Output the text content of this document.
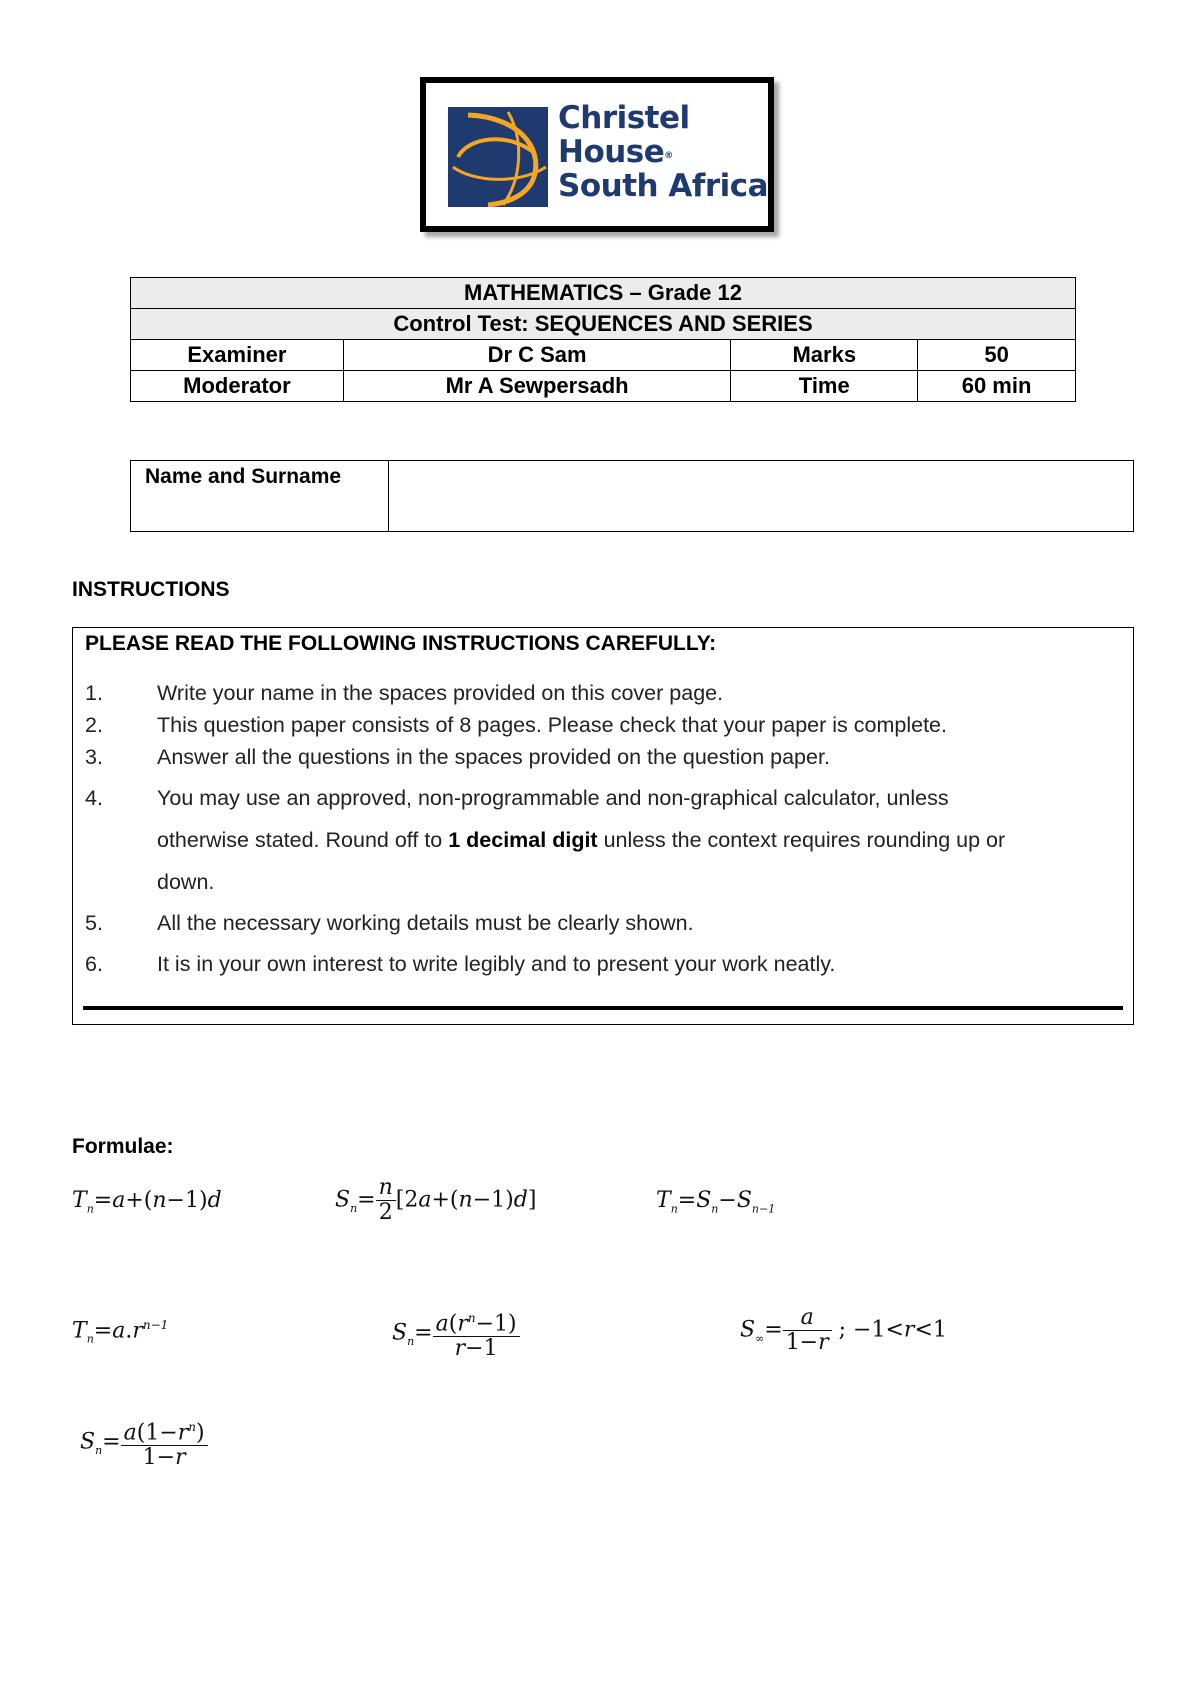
Christel
House®
South Africa
MATHEMATICS – Grade 12			
Control Test: SEQUENCES AND SERIES			
Examiner	Dr C Sam	Marks	50
Moderator	Mr A Sewpersadh	Time	60 min
Name and Surname	
INSTRUCTIONS
PLEASE READ THE FOLLOWING INSTRUCTIONS CAREFULLY:
1.	Write your name in the spaces provided on this cover page.
2.	This question paper consists of 8 pages. Please check that your paper is complete.
3.	Answer all the questions in the spaces provided on the question paper.
4.	You may use an approved, non-programmable and non-graphical calculator, unless
otherwise stated. Round off to 1 decimal digit unless the context requires rounding up or
down.
5.	All the necessary working details must be clearly shown.
6.	It is in your own interest to write legibly and to present your work neatly.
Formulae:
$T_n=a+(n-1)d$	$S_n= \frac{n}{2} [2a+(n-1)d]$	$T_n=S_n-S_{n-1}$
$T_n=a.r^{n-1}$	$S_n= \frac{a(r^n-1)}{r-1}$	$S_\infty= \frac{a}{1-r}$ ; −1<r<1
$S_n= \frac{a(1-r^n)}{1-r}$
